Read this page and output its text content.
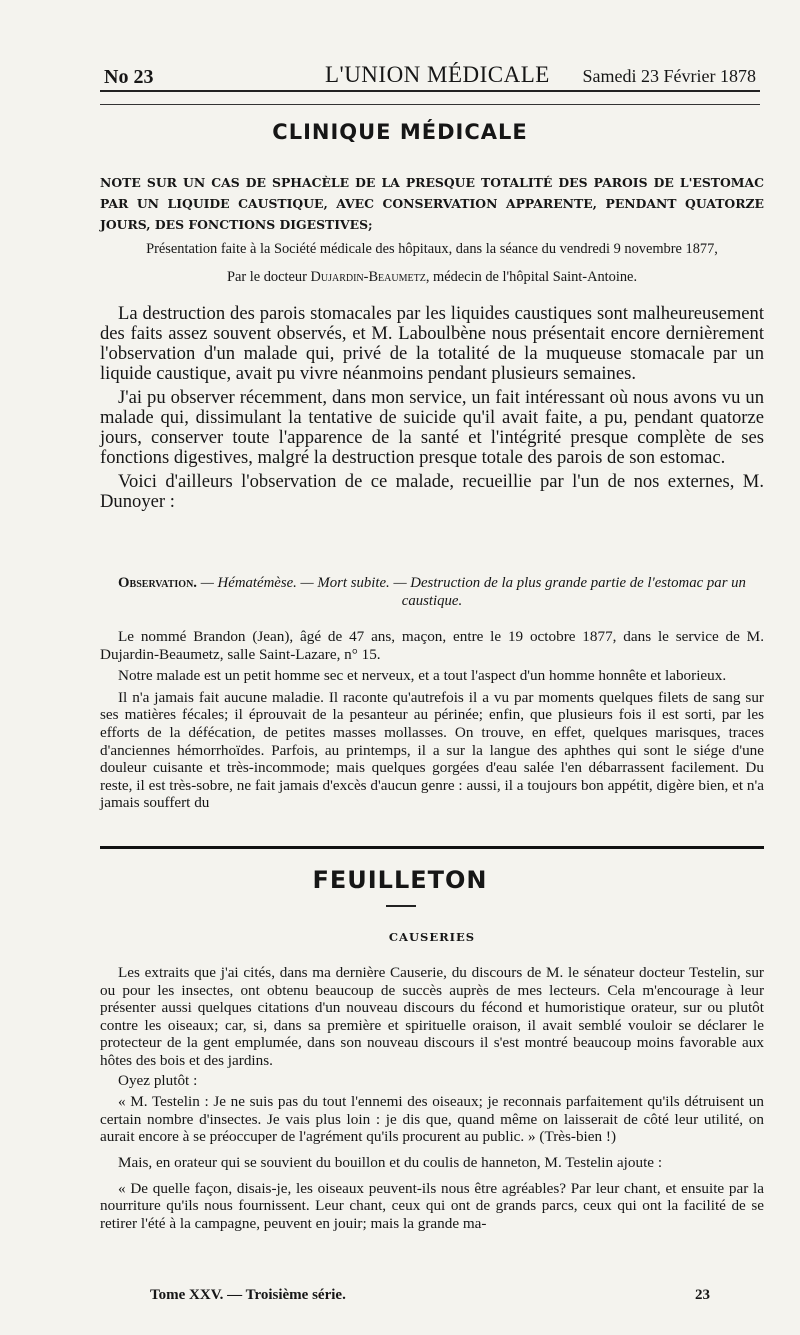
No 23	L'UNION MÉDICALE Samedi 23 Février 1878
CLINIQUE MÉDICALE
NOTE SUR UN CAS DE SPHACÈLE DE LA PRESQUE TOTALITÉ DES PAROIS DE L'ESTOMAC PAR UN LIQUIDE CAUSTIQUE, AVEC CONSERVATION APPARENTE, PENDANT QUATORZE JOURS, DES FONCTIONS DIGESTIVES;
Présentation faite à la Société médicale des hôpitaux, dans la séance du vendredi 9 novembre 1877,
Par le docteur Dujardin-Beaumetz, médecin de l'hôpital Saint-Antoine.

La destruction des parois stomacales par les liquides caustiques sont malheureusement des faits assez souvent observés, et M. Laboulbène nous présentait encore dernièrement l'observation d'un malade qui, privé de la totalité de la muqueuse stomacale par un liquide caustique, avait pu vivre néanmoins pendant plusieurs semaines.

J'ai pu observer récemment, dans mon service, un fait intéressant où nous avons vu un malade qui, dissimulant la tentative de suicide qu'il avait faite, a pu, pendant quatorze jours, conserver toute l'apparence de la santé et l'intégrité presque complète de ses fonctions digestives, malgré la destruction presque totale des parois de son estomac.

Voici d'ailleurs l'observation de ce malade, recueillie par l'un de nos externes, M. Dunoyer :

Observation. — Hématémèse. — Mort subite. — Destruction de la plus grande partie de l'estomac par un caustique.

Le nommé Brandon (Jean), âgé de 47 ans, maçon, entre le 19 octobre 1877, dans le service de M. Dujardin-Beaumetz, salle Saint-Lazare, n° 15.

Notre malade est un petit homme sec et nerveux, et a tout l'aspect d'un homme honnête et laborieux.

Il n'a jamais fait aucune maladie. Il raconte qu'autrefois il a vu par moments quelques filets de sang sur ses matières fécales; il éprouvait de la pesanteur au périnée; enfin, que plusieurs fois il est sorti, par les efforts de la défécation, de petites masses mollasses. On trouve, en effet, quelques marisques, traces d'anciennes hémorrhoïdes. Parfois, au printemps, il a sur la langue des aphthes qui sont le siége d'une douleur cuisante et très-incommode; mais quelques gorgées d'eau salée l'en débarrassent facilement. Du reste, il est très-sobre, ne fait jamais d'excès d'aucun genre : aussi, il a toujours bon appétit, digère bien, et n'a jamais souffert du

FEUILLETON
CAUSERIES

Les extraits que j'ai cités, dans ma dernière Causerie, du discours de M. le sénateur docteur Testelin, sur ou pour les insectes, ont obtenu beaucoup de succès auprès de mes lecteurs. Cela m'encourage à leur présenter aussi quelques citations d'un nouveau discours du fécond et humoristique orateur, sur ou plutôt contre les oiseaux; car, si, dans sa première et spirituelle oraison, il avait semblé vouloir se déclarer le protecteur de la gent emplumée, dans son nouveau discours il s'est montré beaucoup moins favorable aux hôtes des bois et des jardins.

Oyez plutôt :

« M. Testelin : Je ne suis pas du tout l'ennemi des oiseaux; je reconnais parfaitement qu'ils détruisent un certain nombre d'insectes. Je vais plus loin : je dis que, quand même on laisserait de côté leur utilité, on aurait encore à se préoccuper de l'agrément qu'ils procurent au public. » (Très-bien !)

Mais, en orateur qui se souvient du bouillon et du coulis de hanneton, M. Testelin ajoute :

« De quelle façon, disais-je, les oiseaux peuvent-ils nous être agréables? Par leur chant, et ensuite par la nourriture qu'ils nous fournissent. Leur chant, ceux qui ont de grands parcs, ceux qui ont la facilité de se retirer l'été à la campagne, peuvent en jouir; mais la grande ma-

Tome XXV. — Troisième série.	23
